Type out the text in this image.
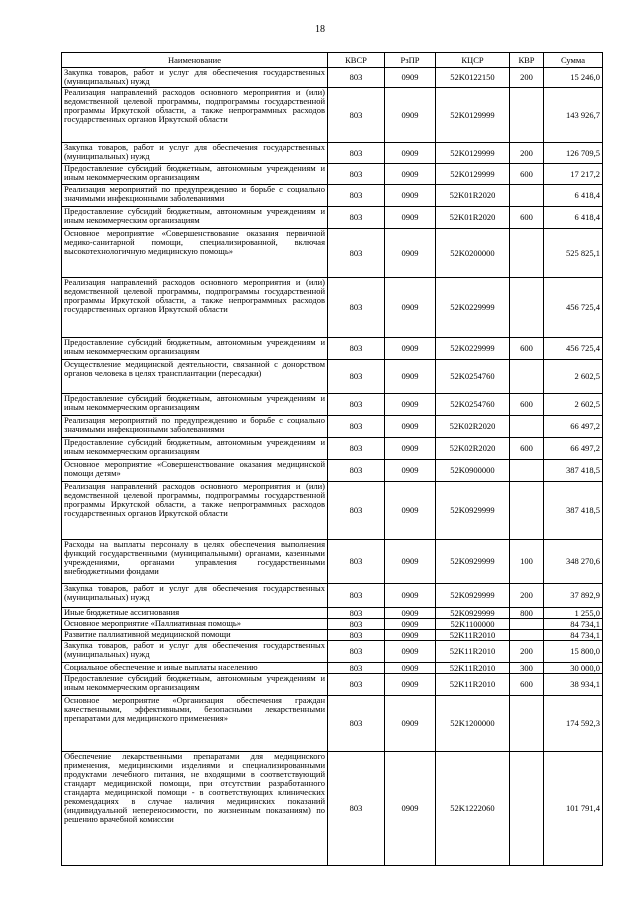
18
Наименование	КВСР	РзПР	КЦСР	КВР	Сумма
Закупка товаров, работ и услуг для обеспечения государственных (муниципальных) нужд	803	0909	52K0122150	200	15 246,0
Реализация направлений расходов основного мероприятия и (или) ведомственной целевой программы, подпрограммы государственной программы Иркутской области, а также непрограммных расходов государственных органов Иркутской области	803	0909	52K0129999		143 926,7
Закупка товаров, работ и услуг для обеспечения государственных (муниципальных) нужд	803	0909	52K0129999	200	126 709,5
Предоставление субсидий бюджетным, автономным учреждениям и иным некоммерческим организациям	803	0909	52K0129999	600	17 217,2
Реализация мероприятий по предупреждению и борьбе с социально значимыми инфекционными заболеваниями	803	0909	52K01R2020		6 418,4
Предоставление субсидий бюджетным, автономным учреждениям и иным некоммерческим организациям	803	0909	52K01R2020	600	6 418,4
Основное мероприятие «Совершенствование оказания первичной медико-санитарной помощи, специализированной, включая высокотехнологичную медицинскую помощь»	803	0909	52K0200000		525 825,1
Реализация направлений расходов основного мероприятия и (или) ведомственной целевой программы, подпрограммы государственной программы Иркутской области, а также непрограммных расходов государственных органов Иркутской области	803	0909	52K0229999		456 725,4
Предоставление субсидий бюджетным, автономным учреждениям и иным некоммерческим организациям	803	0909	52K0229999	600	456 725,4
Осуществление медицинской деятельности, связанной с донорством органов человека в целях трансплантации (пересадки)	803	0909	52K0254760		2 602,5
Предоставление субсидий бюджетным, автономным учреждениям и иным некоммерческим организациям	803	0909	52K0254760	600	2 602,5
Реализация мероприятий по предупреждению и борьбе с социально значимыми инфекционными заболеваниями	803	0909	52K02R2020		66 497,2
Предоставление субсидий бюджетным, автономным учреждениям и иным некоммерческим организациям	803	0909	52K02R2020	600	66 497,2
Основное мероприятие «Совершенствование оказания медицинской помощи детям»	803	0909	52K0900000		387 418,5
Реализация направлений расходов основного мероприятия и (или) ведомственной целевой программы, подпрограммы государственной программы Иркутской области, а также непрограммных расходов государственных органов Иркутской области	803	0909	52K0929999		387 418,5
Расходы на выплаты персоналу в целях обеспечения выполнения функций государственными (муниципальными) органами, казенными учреждениями, органами управления государственными внебюджетными фондами	803	0909	52K0929999	100	348 270,6
Закупка товаров, работ и услуг для обеспечения государственных (муниципальных) нужд	803	0909	52K0929999	200	37 892,9
Иные бюджетные ассигнования	803	0909	52K0929999	800	1 255,0
Основное мероприятие «Паллиативная помощь»	803	0909	52K1100000		84 734,1
Развитие паллиативной медицинской помощи	803	0909	52K11R2010		84 734,1
Закупка товаров, работ и услуг для обеспечения государственных (муниципальных) нужд	803	0909	52K11R2010	200	15 800,0
Социальное обеспечение и иные выплаты населению	803	0909	52K11R2010	300	30 000,0
Предоставление субсидий бюджетным, автономным учреждениям и иным некоммерческим организациям	803	0909	52K11R2010	600	38 934,1
Основное мероприятие «Организация обеспечения граждан качественными, эффективными, безопасными лекарственными препаратами для медицинского применения»	803	0909	52K1200000		174 592,3
Обеспечение лекарственными препаратами для медицинского применения, медицинскими изделиями и специализированными продуктами лечебного питания, не входящими в соответствующий стандарт медицинской помощи, при отсутствии разработанного стандарта медицинской помощи - в соответствующих клинических рекомендациях в случае наличия медицинских показаний (индивидуальной непереносимости, по жизненным показаниям) по решению врачебной комиссии	803	0909	52K1222060		101 791,4
